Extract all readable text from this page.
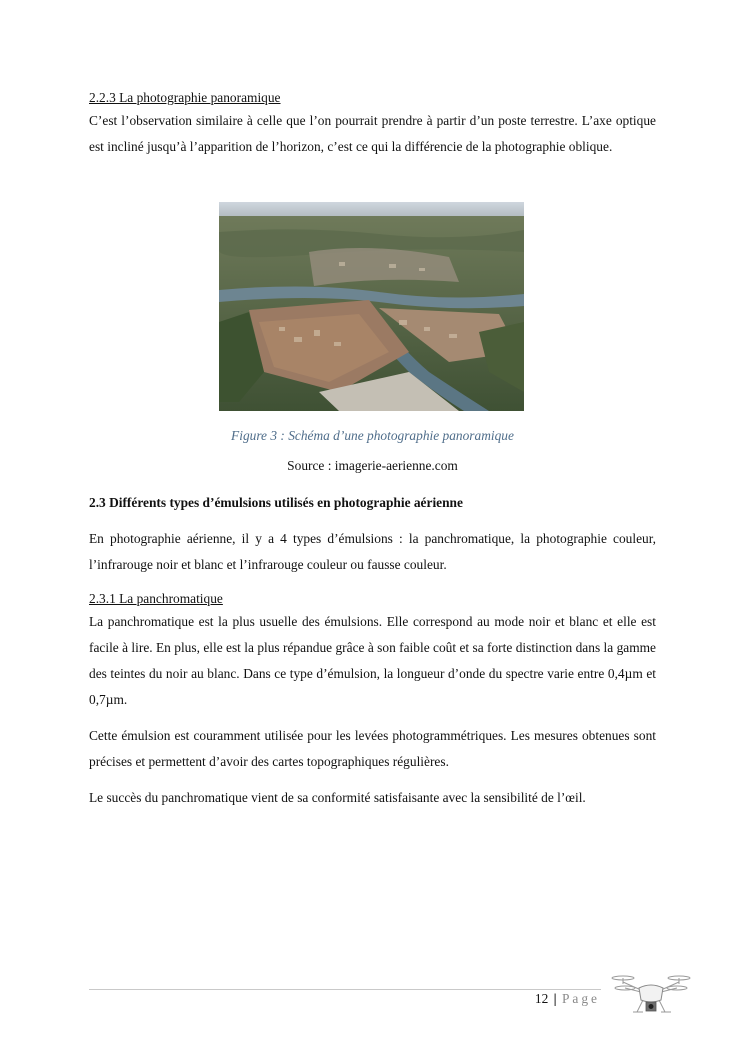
2.2.3 La photographie panoramique

C’est l’observation similaire à celle que l’on pourrait prendre à partir d’un poste terrestre. L’axe optique est incliné jusqu’à l’apparition de l’horizon, c’est ce qui la différencie de la photographie oblique.

Figure 3 : Schéma d’une photographie panoramique
Source : imagerie-aerienne.com

2.3 Différents types d’émulsions utilisés en photographie aérienne

En photographie aérienne, il y a 4 types d’émulsions : la panchromatique, la photographie couleur, l’infrarouge noir et blanc et l’infrarouge couleur ou fausse couleur.

2.3.1 La panchromatique

La panchromatique est la plus usuelle des émulsions. Elle correspond au mode noir et blanc et elle est facile à lire. En plus, elle est la plus répandue grâce à son faible coût et sa forte distinction dans la gamme des teintes du noir au blanc. Dans ce type d’émulsion, la longueur d’onde du spectre varie entre 0,4µm et 0,7µm.

Cette émulsion est couramment utilisée pour les levées photogrammétriques. Les mesures obtenues sont précises et permettent d’avoir des cartes topographiques régulières.

Le succès du panchromatique vient de sa conformité satisfaisante avec la sensibilité de l’œil.

12 | Page
